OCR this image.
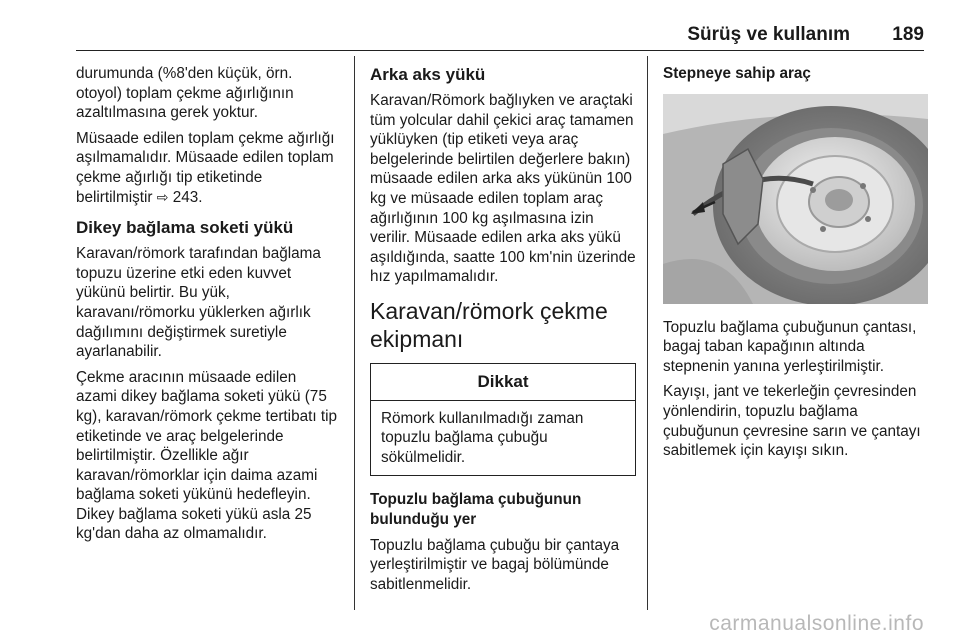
Sürüş ve kullanım 189

durumunda (%8'den küçük, örn. otoyol) toplam çekme ağırlığının azaltılmasına gerek yoktur.

Müsaade edilen toplam çekme ağırlığı aşılmamalıdır. Müsaade edilen toplam çekme ağırlığı tip etiketinde belirtilmiştir ⇨ 243.

Dikey bağlama soketi yükü

Karavan/römork tarafından bağlama topuzu üzerine etki eden kuvvet yükünü belirtir. Bu yük, karavanı/römorku yüklerken ağırlık dağılımını değiştirmek suretiyle ayarlanabilir.

Çekme aracının müsaade edilen azami dikey bağlama soketi yükü (75 kg), karavan/römork çekme tertibatı tip etiketinde ve araç belgelerinde belirtilmiştir. Özellikle ağır karavan/römorklar için daima azami bağlama soketi yükünü hedefleyin. Dikey bağlama soketi yükü asla 25 kg'dan daha az olmamalıdır.

Arka aks yükü

Karavan/Römork bağlıyken ve araçtaki tüm yolcular dahil çekici araç tamamen yüklüyken (tip etiketi veya araç belgelerinde belirtilen değerlere bakın) müsaade edilen arka aks yükünün 100 kg ve müsaade edilen toplam araç ağırlığının 100 kg aşılmasına izin verilir. Müsaade edilen arka aks yükü aşıldığında, saatte 100 km'nin üzerinde hız yapılmamalıdır.

Karavan/römork çekme ekipmanı
Dikkat
Römork kullanılmadığı zaman topuzlu bağlama çubuğu sökülmelidir.
Topuzlu bağlama çubuğunun bulunduğu yer

Topuzlu bağlama çubuğu bir çantaya yerleştirilmiştir ve bagaj bölümünde sabitlenmelidir.

Stepneye sahip araç

Topuzlu bağlama çubuğunun çantası, bagaj taban kapağının altında stepnenin yanına yerleştirilmiştir.

Kayışı, jant ve tekerleğin çevresinden yönlendirin, topuzlu bağlama çubuğunun çevresine sarın ve çantayı sabitlemek için kayışı sıkın.

carmanualsonline.info
